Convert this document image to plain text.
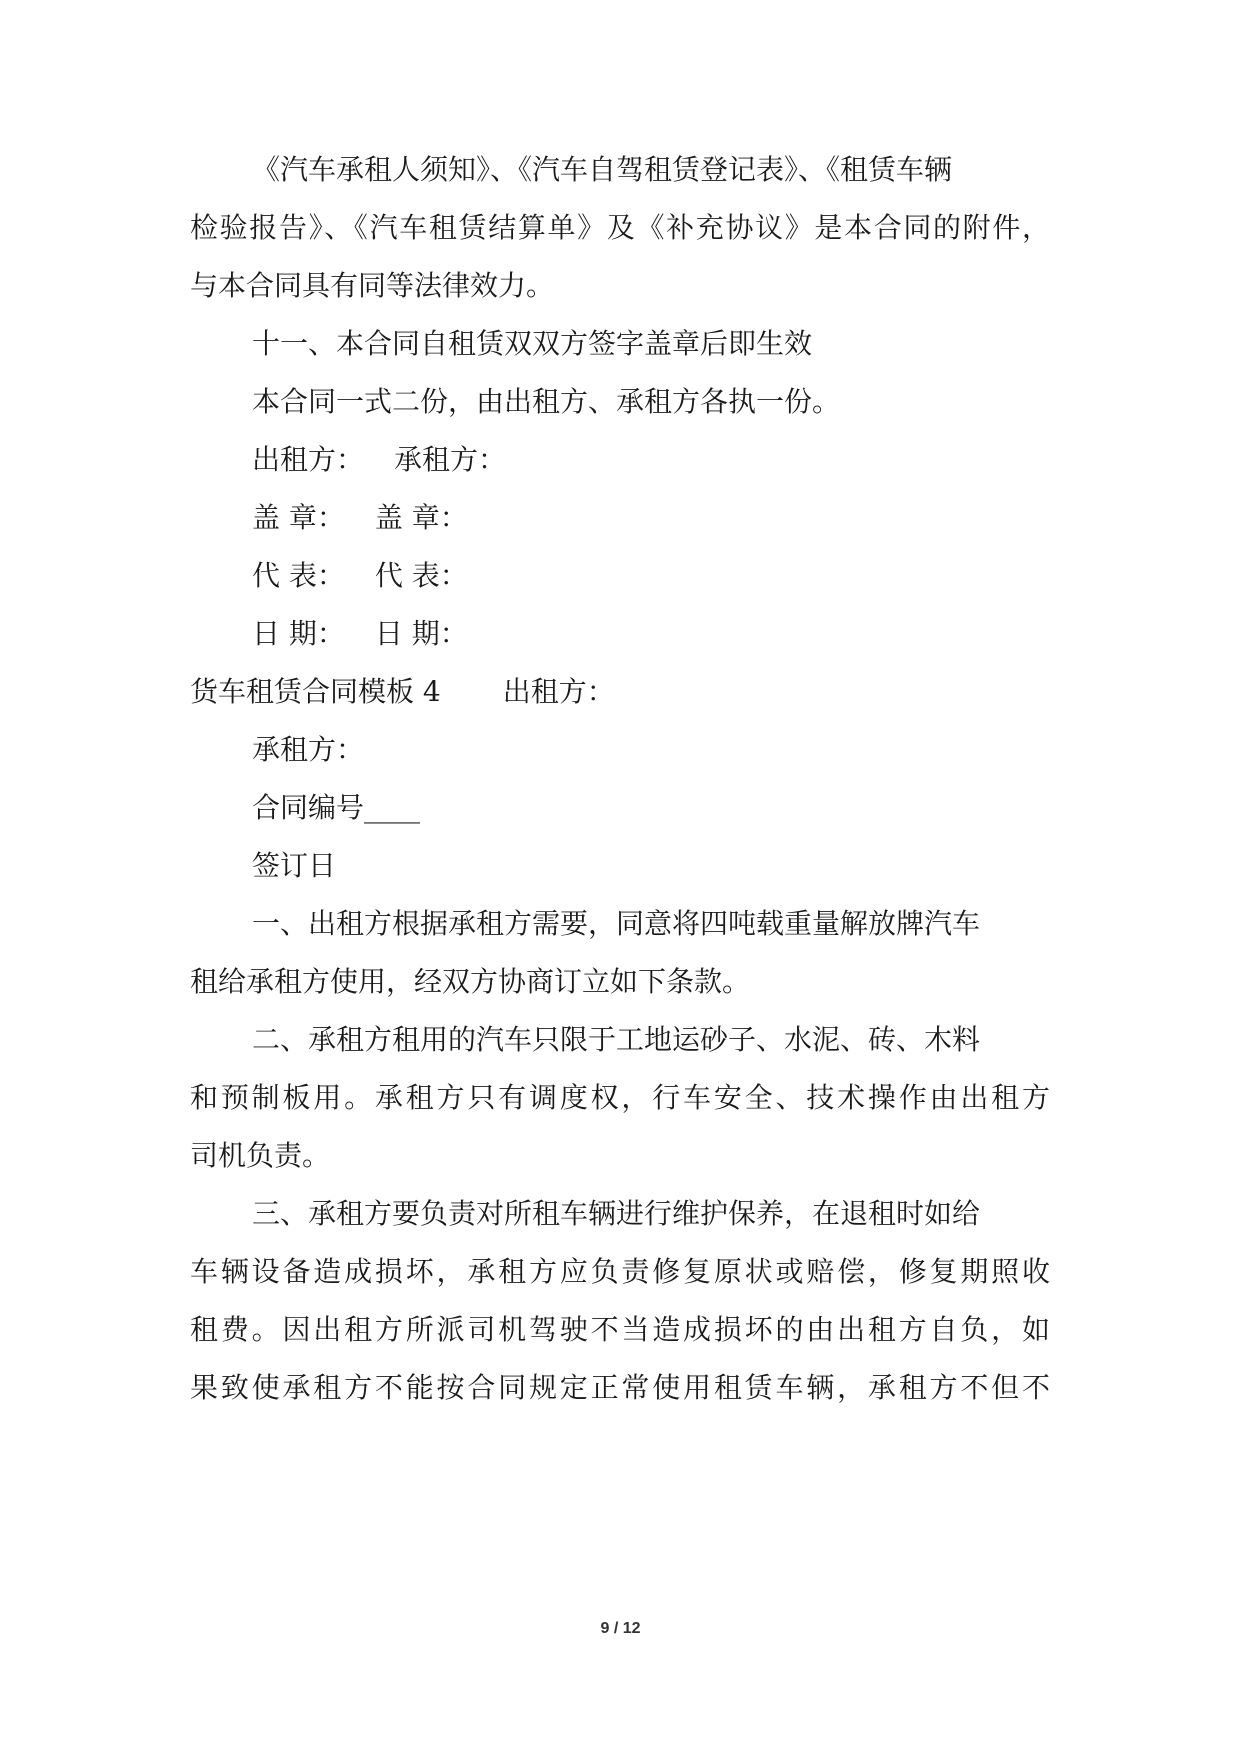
《汽车承租人须知》、《汽车自驾租赁登记表》、《租赁车辆
检验报告》、《汽车租赁结算单》及《补充协议》是本合同的附件，
与本合同具有同等法律效力。
十一、本合同自租赁双双方签字盖章后即生效
本合同一式二份，由出租方、承租方各执一份。
出租方： 承租方：
盖 章： 盖 章：
代 表： 代 表：
日 期： 日 期：
货车租赁合同模板 4 出租方：
承租方：
合同编号____
签订日
一、出租方根据承租方需要，同意将四吨载重量解放牌汽车
租给承租方使用，经双方协商订立如下条款。
二、承租方租用的汽车只限于工地运砂子、水泥、砖、木料
和预制板用。承租方只有调度权，行车安全、技术操作由出租方
司机负责。
三、承租方要负责对所租车辆进行维护保养，在退租时如给
车辆设备造成损坏，承租方应负责修复原状或赔偿，修复期照收
租费。因出租方所派司机驾驶不当造成损坏的由出租方自负，如
果致使承租方不能按合同规定正常使用租赁车辆，承租方不但不
9 / 12
